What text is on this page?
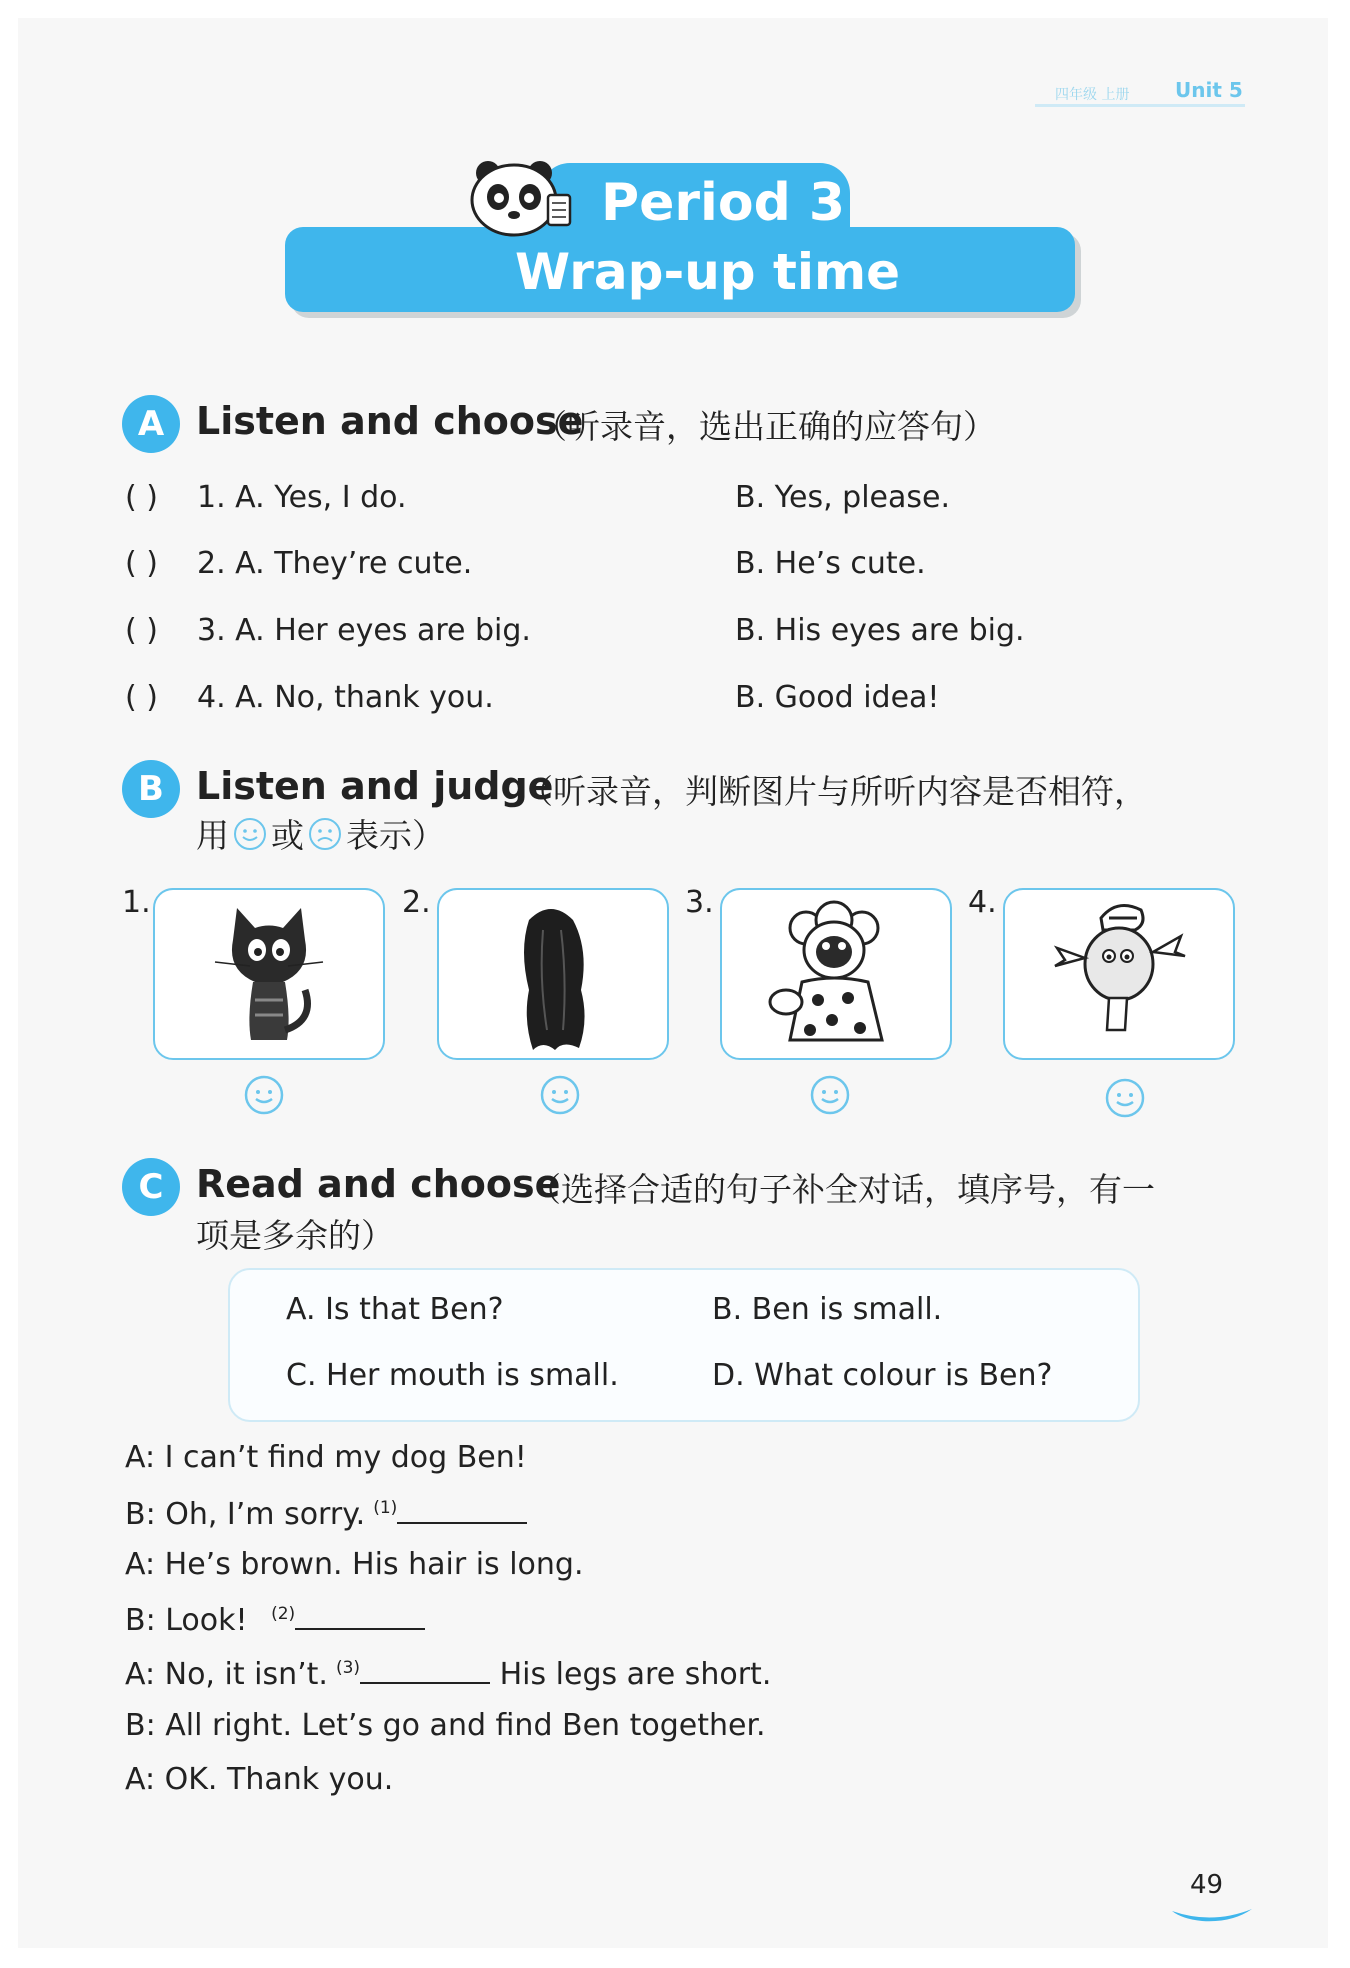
四年级 上册 Unit 5
Period 3
Wrap-up time
A Listen and choose
（听录音，选出正确的应答句）
( ) 1. A. Yes, I do.	B. Yes, please.
( ) 2. A. They’re cute.	B. He’s cute.
( ) 3. A. Her eyes are big.	B. His eyes are big.
( ) 4. A. No, thank you.	B. Good idea!
B Listen and judge
（听录音，判断图片与所听内容是否相符，
用 或 表示）
1.	2.	3.	4.
C Read and choose
（选择合适的句子补全对话，填序号，有一
项是多余的）
A. Is that Ben?	B. Ben is small.
C. Her mouth is small.	D. What colour is Ben?
A: I can’t find my dog Ben!
B: Oh, I’m sorry. $^{(1)}$
A: He’s brown. His hair is long.
B: Look! $^{(2)}$
A: No, it isn’t. $^{(3)}$	His legs are short.
B: All right. Let’s go and find Ben together.
A: OK. Thank you.
49
